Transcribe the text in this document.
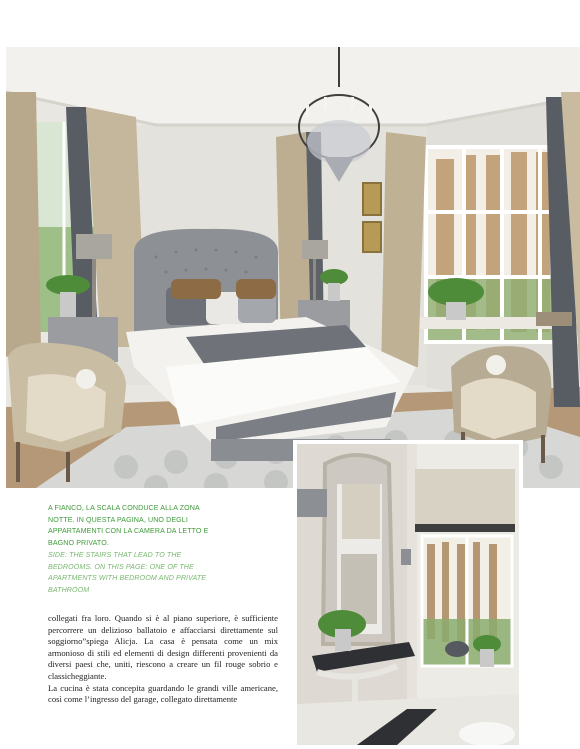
A FIANCO, LA SCALA CONDUCE ALLA ZONA NOTTE. IN QUESTA PAGINA, UNO DEGLI APPARTAMENTI CON LA CAMERA DA LETTO E BAGNO PRIVATO.

SIDE: THE STAIRS THAT LEAD TO THE BEDROOMS. ON THIS PAGE: ONE OF THE APARTMENTS WITH BEDROOM AND PRIVATE BATHROOM

collegati fra loro. Quando si è al piano superiore, è sufficiente percorrere un delizioso ballatoio e affacciarsi direttamente sul soggiorno”spiega Alicja. La casa è pensata come un mix armonioso di stili ed elementi di design differenti provenienti da diversi paesi che, uniti, riescono a creare un fil rouge sobrio e classicheggiante.

La cucina è stata concepita guardando le grandi ville americane, così come l’ingresso del garage, collegato direttamente
